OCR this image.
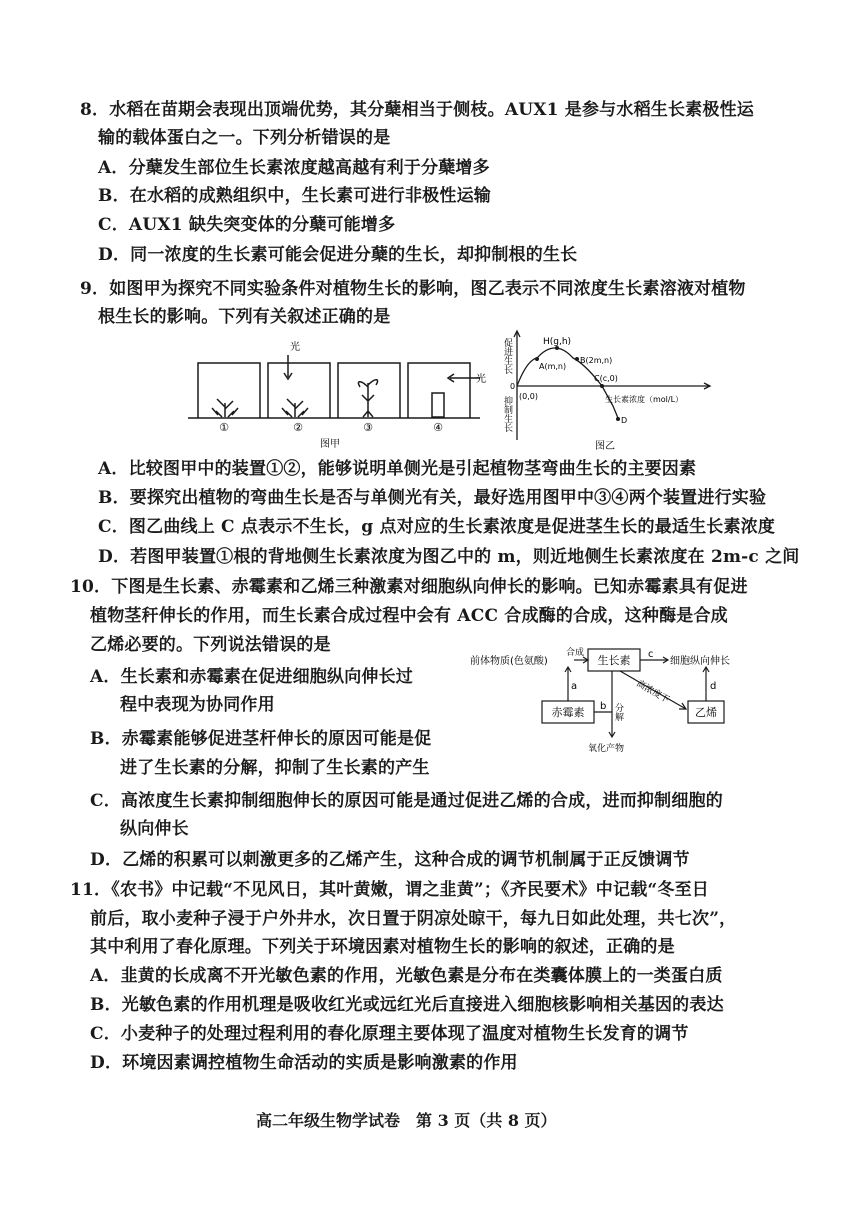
8．水稻在苗期会表现出顶端优势，其分蘖相当于侧枝。AUX1 是参与水稻生长素极性运
输的载体蛋白之一。下列分析错误的是
A．分蘖发生部位生长素浓度越高越有利于分蘖增多
B．在水稻的成熟组织中，生长素可进行非极性运输
C．AUX1 缺失突变体的分蘖可能增多
D．同一浓度的生长素可能会促进分蘖的生长，却抑制根的生长
9．如图甲为探究不同实验条件对植物生长的影响，图乙表示不同浓度生长素溶液对植物
根生长的影响。下列有关叙述正确的是
光
光
①	②	③	④
图甲
促进生长
抑制生长
0
(0,0)
H(g,h)
A(m,n)
B(2m,n)
C(c,0)
D
生长素浓度（mol/L）
图乙
A．比较图甲中的装置①②，能够说明单侧光是引起植物茎弯曲生长的主要因素
B．要探究出植物的弯曲生长是否与单侧光有关，最好选用图甲中③④两个装置进行实验
C．图乙曲线上 C 点表示不生长，g 点对应的生长素浓度是促进茎生长的最适生长素浓度
D．若图甲装置①根的背地侧生长素浓度为图乙中的 m，则近地侧生长素浓度在 2m-c 之间
10．下图是生长素、赤霉素和乙烯三种激素对细胞纵向伸长的影响。已知赤霉素具有促进
植物茎秆伸长的作用，而生长素合成过程中会有 ACC 合成酶的合成，这种酶是合成
乙烯必要的。下列说法错误的是
A．生长素和赤霉素在促进细胞纵向伸长过
程中表现为协同作用
B．赤霉素能够促进茎杆伸长的原因可能是促
进了生长素的分解，抑制了生长素的产生
前体物质(色氨酸)
合成
生长素 c
细胞纵向伸长
a
b
赤霉素	分解
高浓度下	d
乙烯
氧化产物
C．高浓度生长素抑制细胞伸长的原因可能是通过促进乙烯的合成，进而抑制细胞的
纵向伸长
D．乙烯的积累可以刺激更多的乙烯产生，这种合成的调节机制属于正反馈调节
11．《农书》中记载“不见风日，其叶黄嫩，谓之韭黄”；《齐民要术》中记载“冬至日
前后，取小麦种子浸于户外井水，次日置于阴凉处晾干，每九日如此处理，共七次”，
其中利用了春化原理。下列关于环境因素对植物生长的影响的叙述，正确的是
A．韭黄的长成离不开光敏色素的作用，光敏色素是分布在类囊体膜上的一类蛋白质
B．光敏色素的作用机理是吸收红光或远红光后直接进入细胞核影响相关基因的表达
C．小麦种子的处理过程利用的春化原理主要体现了温度对植物生长发育的调节
D．环境因素调控植物生命活动的实质是影响激素的作用
高二年级生物学试卷　第 3 页（共 8 页）
